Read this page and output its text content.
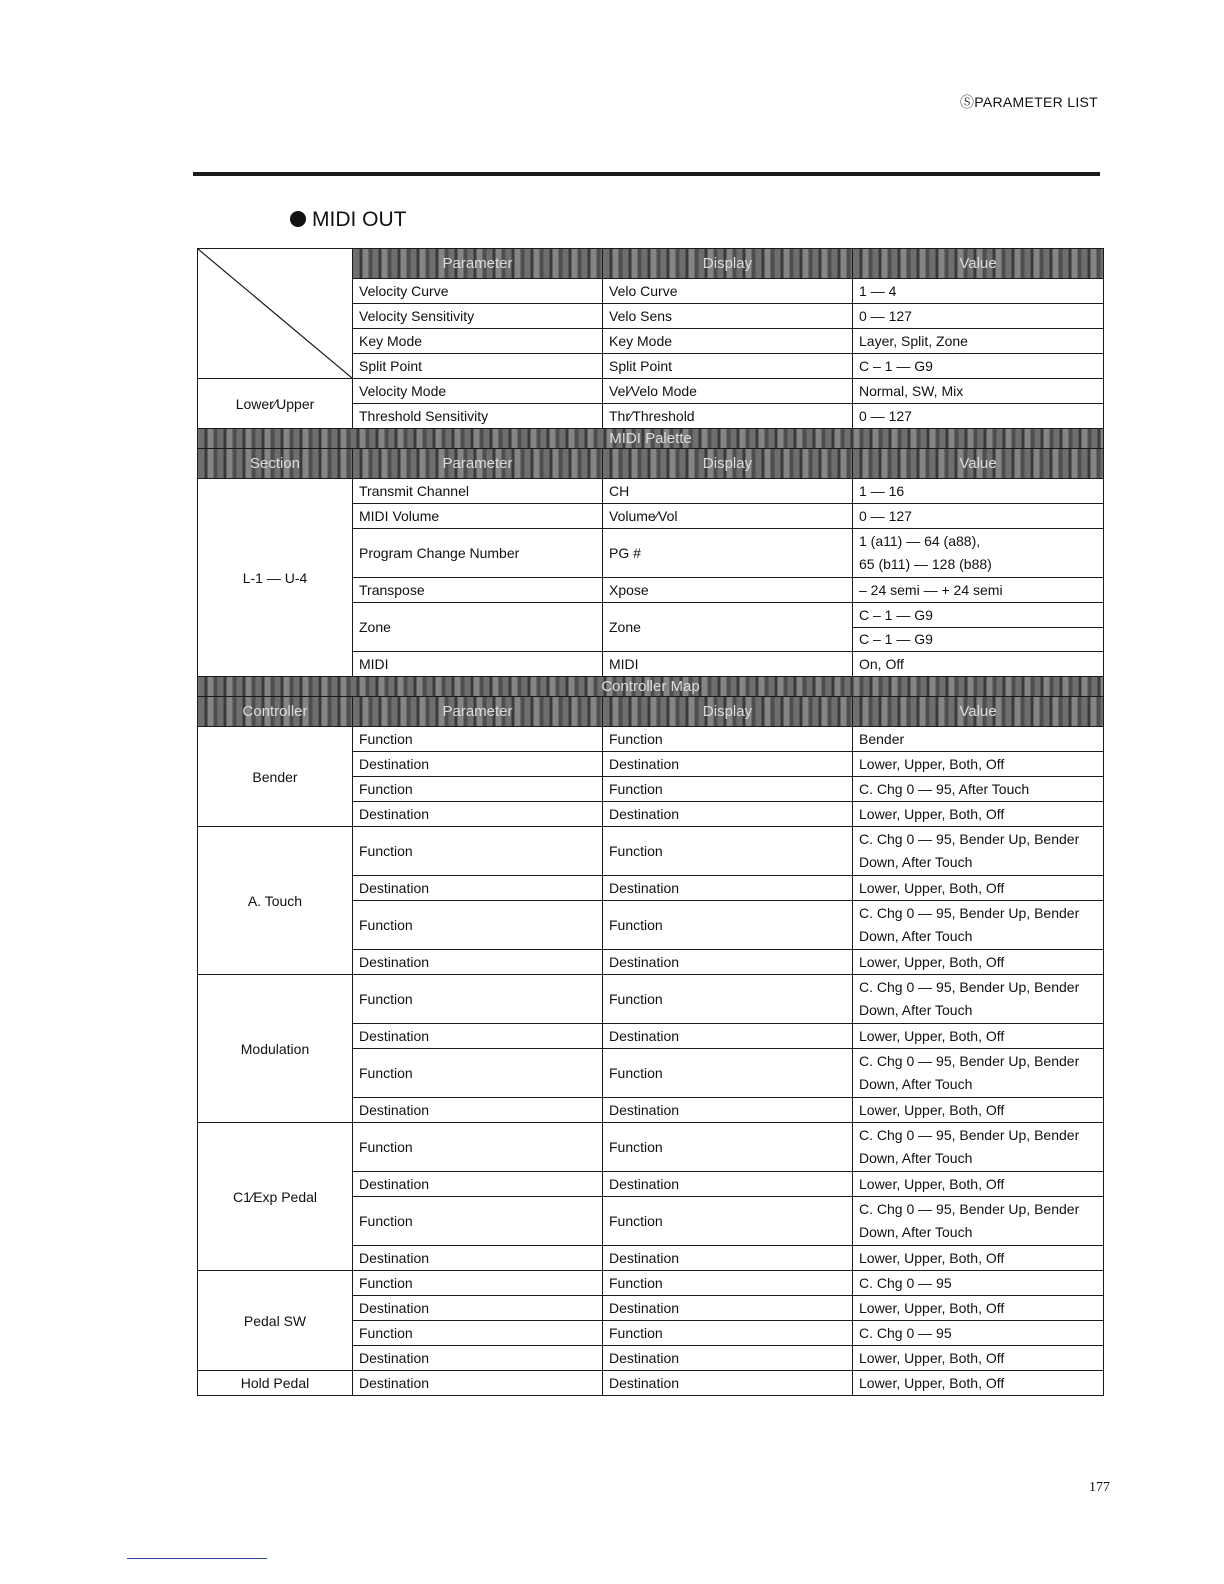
ⓈPARAMETER LIST
MIDI OUT
	Parameter	Display	Value
	Velocity Curve	Velo Curve	1 — 4
	Velocity Sensitivity	Velo Sens	0 — 127
	Key Mode	Key Mode	Layer, Split, Zone
	Split Point	Split Point	C – 1 — G9
Lower∕Upper	Velocity Mode	Vel∕Velo Mode	Normal, SW, Mix
	Threshold Sensitivity	Thr∕Threshold	0 — 127
MIDI Palette			
Section	Parameter	Display	Value
L-1 — U-4	Transmit Channel	CH	1 — 16
	MIDI Volume	Volume∕Vol	0 — 127
	Program Change Number	PG #	1 (a11) — 64 (a88),
65 (b11) — 128 (b88)

	Transpose	Xpose	– 24 semi — + 24 semi
	Zone	Zone	C – 1 — G9
C – 1 — G9

	MIDI	MIDI	On, Off
Controller Map			
Controller	Parameter	Display	Value
Bender	Function	Function	Bender
	Destination	Destination	Lower, Upper, Both, Off
	Function	Function	C. Chg 0 — 95, After Touch
	Destination	Destination	Lower, Upper, Both, Off
A. Touch	Function	Function	C. Chg 0 — 95, Bender Up, Bender Down, After Touch
	Destination	Destination	Lower, Upper, Both, Off
	Function	Function	C. Chg 0 — 95, Bender Up, Bender Down, After Touch
	Destination	Destination	Lower, Upper, Both, Off
Modulation	Function	Function	C. Chg 0 — 95, Bender Up, Bender Down, After Touch
	Destination	Destination	Lower, Upper, Both, Off
	Function	Function	C. Chg 0 — 95, Bender Up, Bender Down, After Touch
	Destination	Destination	Lower, Upper, Both, Off
C1∕Exp Pedal	Function	Function	C. Chg 0 — 95, Bender Up, Bender Down, After Touch
	Destination	Destination	Lower, Upper, Both, Off
	Function	Function	C. Chg 0 — 95, Bender Up, Bender Down, After Touch
	Destination	Destination	Lower, Upper, Both, Off
Pedal SW	Function	Function	C. Chg 0 — 95
	Destination	Destination	Lower, Upper, Both, Off
	Function	Function	C. Chg 0 — 95
	Destination	Destination	Lower, Upper, Both, Off
Hold Pedal	Destination	Destination	Lower, Upper, Both, Off
177
